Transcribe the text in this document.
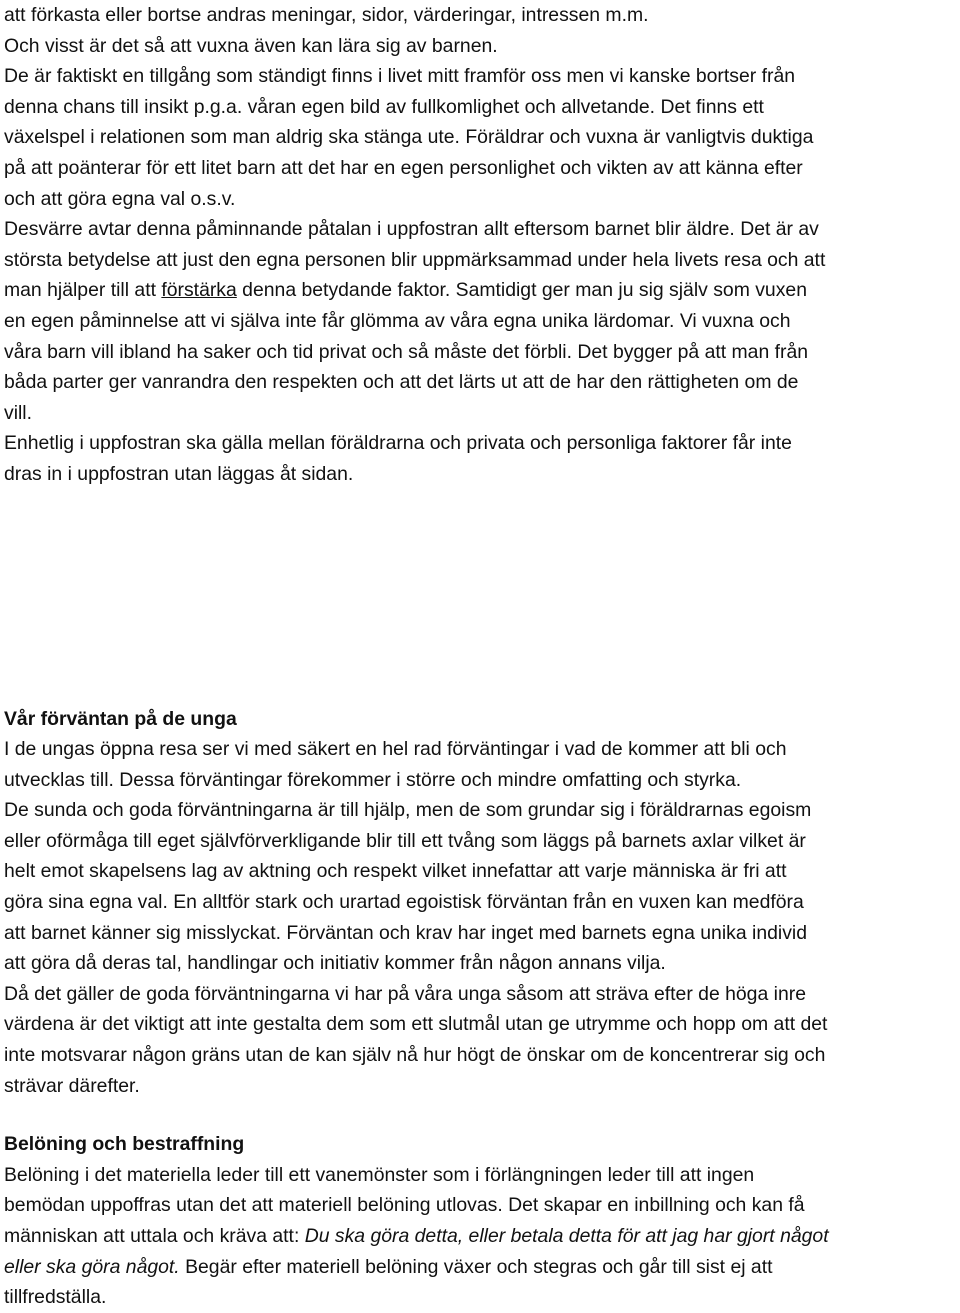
att förkasta eller bortse andras meningar, sidor, värderingar, intressen m.m.
Och visst är det så att vuxna även kan lära sig av barnen.
De är faktiskt en tillgång som ständigt finns i livet mitt framför oss men vi kanske bortser från
denna chans till insikt p.g.a. våran egen bild av fullkomlighet och allvetande. Det finns ett
växelspel i relationen som man aldrig ska stänga ute. Föräldrar och vuxna är vanligtvis duktiga
på att poänterar för ett litet barn att det har en egen personlighet och vikten av att känna efter
och att göra egna val o.s.v.

Desvärre avtar denna påminnande påtalan i uppfostran allt eftersom barnet blir äldre. Det är av
största betydelse att just den egna personen blir uppmärksammad under hela livets resa och att
man hjälper till att förstärka denna betydande faktor. Samtidigt ger man ju sig själv som vuxen
en egen påminnelse att vi själva inte får glömma av våra egna unika lärdomar. Vi vuxna och
våra barn vill ibland ha saker och tid privat och så måste det förbli. Det bygger på att man från
båda parter ger vanrandra den respekten och att det lärts ut att de har den rättigheten om de
vill.

Enhetlig i uppfostran ska gälla mellan föräldrarna och privata och personliga faktorer får inte
dras in i uppfostran utan läggas åt sidan.

Vår förväntan på de unga
I de ungas öppna resa ser vi med säkert en hel rad förväntingar i vad de kommer att bli och
utvecklas till. Dessa förväntingar förekommer i större och mindre omfatting och styrka.
De sunda och goda förväntningarna är till hjälp, men de som grundar sig i föräldrarnas egoism
eller oförmåga till eget självförverkligande blir till ett tvång som läggs på barnets axlar vilket är
helt emot skapelsens lag av aktning och respekt vilket innefattar att varje människa är fri att
göra sina egna val. En alltför stark och urartad egoistisk förväntan från en vuxen kan medföra
att barnet känner sig misslyckat. Förväntan och krav har inget med barnets egna unika individ
att göra då deras tal, handlingar och initiativ kommer från någon annans vilja.
Då det gäller de goda förväntningarna vi har på våra unga såsom att sträva efter de höga inre
värdena är det viktigt att inte gestalta dem som ett slutmål utan ge utrymme och hopp om att det
inte motsvarar någon gräns utan de kan själv nå hur högt de önskar om de koncentrerar sig och
strävar därefter.

Belöning och bestraffning
Belöning i det materiella leder till ett vanemönster som i förlängningen leder till att ingen
bemödan uppoffras utan det att materiell belöning utlovas. Det skapar en inbillning och kan få
människan att uttala och kräva att: Du ska göra detta, eller betala detta för att jag har gjort något
eller ska göra något. Begär efter materiell belöning växer och stegras och går till sist ej att
tillfredställa.
